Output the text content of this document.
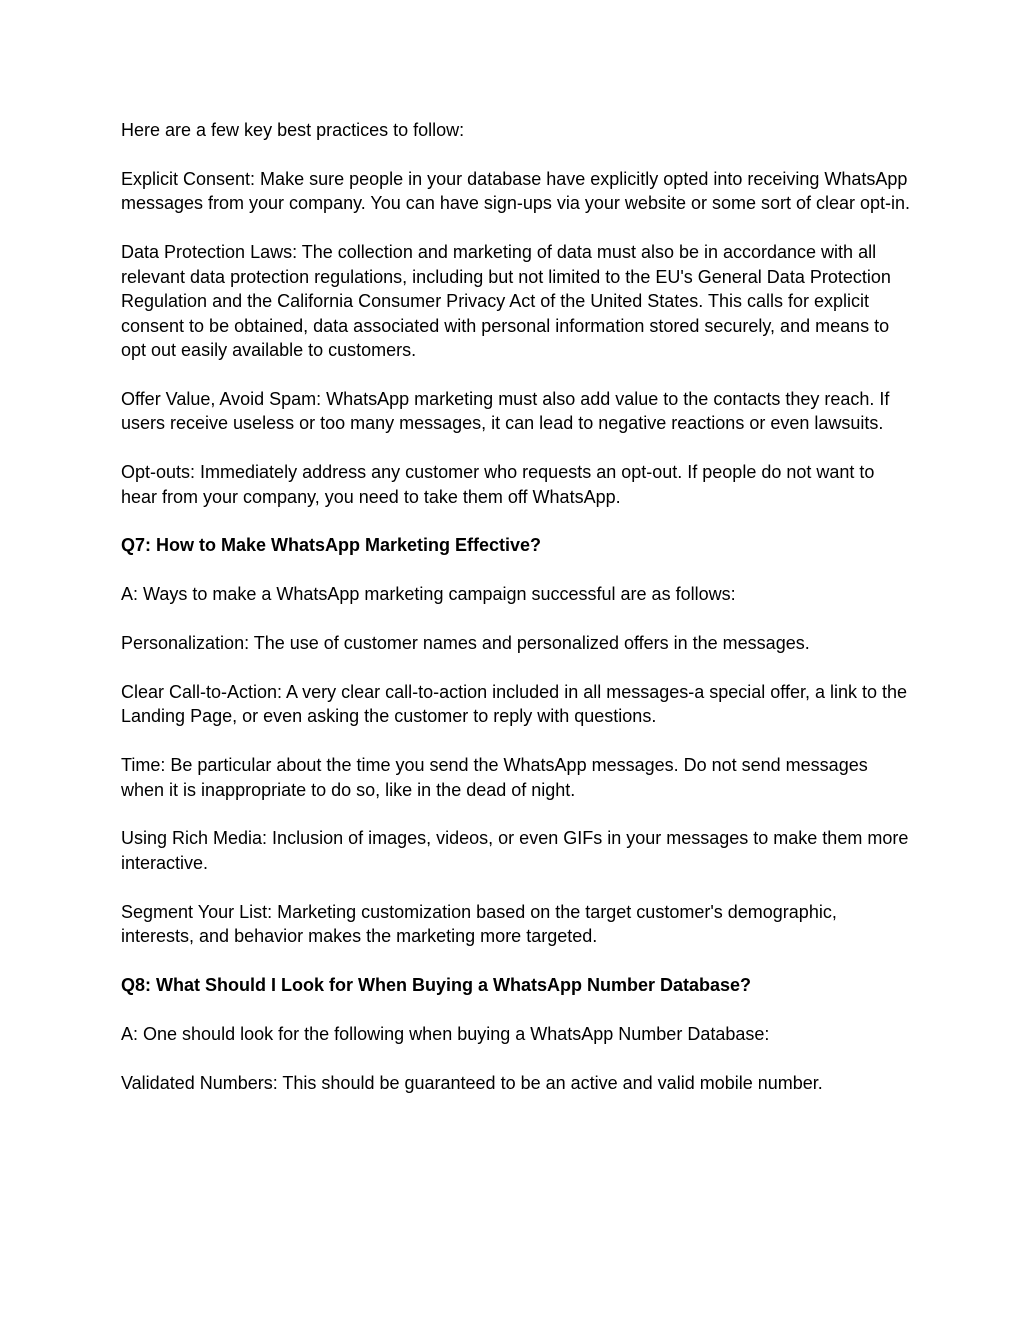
Here are a few key best practices to follow:

Explicit Consent: Make sure people in your database have explicitly opted into receiving WhatsApp messages from your company. You can have sign-ups via your website or some sort of clear opt-in.

Data Protection Laws: The collection and marketing of data must also be in accordance with all relevant data protection regulations, including but not limited to the EU's General Data Protection Regulation and the California Consumer Privacy Act of the United States. This calls for explicit consent to be obtained, data associated with personal information stored securely, and means to opt out easily available to customers.

Offer Value, Avoid Spam: WhatsApp marketing must also add value to the contacts they reach. If users receive useless or too many messages, it can lead to negative reactions or even lawsuits.

Opt-outs: Immediately address any customer who requests an opt-out. If people do not want to hear from your company, you need to take them off WhatsApp.

Q7: How to Make WhatsApp Marketing Effective?

A: Ways to make a WhatsApp marketing campaign successful are as follows:

Personalization: The use of customer names and personalized offers in the messages.

Clear Call-to-Action: A very clear call-to-action included in all messages-a special offer, a link to the Landing Page, or even asking the customer to reply with questions.

Time: Be particular about the time you send the WhatsApp messages. Do not send messages when it is inappropriate to do so, like in the dead of night.

Using Rich Media: Inclusion of images, videos, or even GIFs in your messages to make them more interactive.

Segment Your List: Marketing customization based on the target customer's demographic, interests, and behavior makes the marketing more targeted.

Q8: What Should I Look for When Buying a WhatsApp Number Database?

A: One should look for the following when buying a WhatsApp Number Database:

Validated Numbers: This should be guaranteed to be an active and valid mobile number.
